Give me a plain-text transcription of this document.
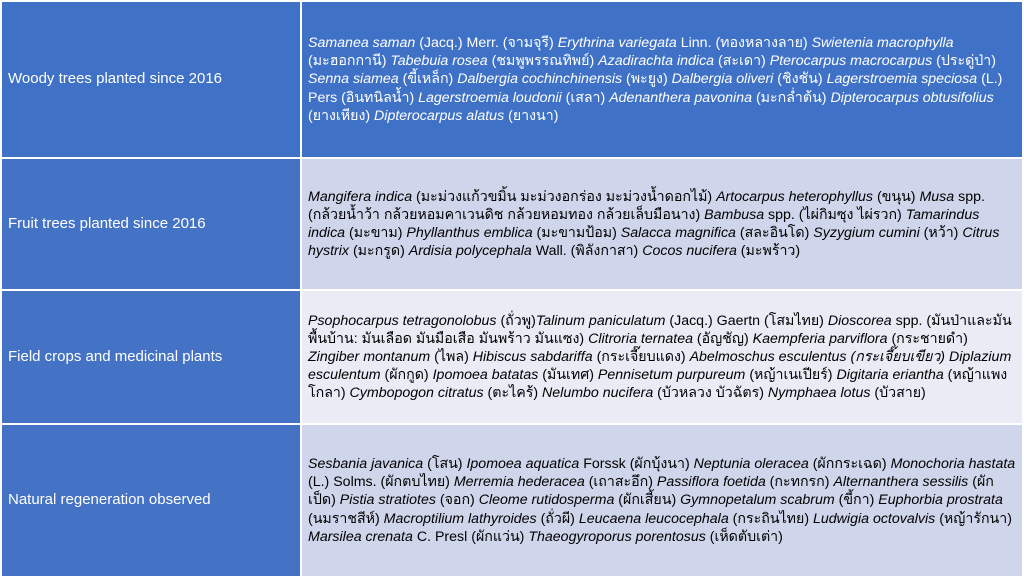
Woody trees planted since 2016	Samanea saman (Jacq.) Merr. (จามจุรี) Erythrina variegata Linn. (ทองหลางลาย) Swietenia macrophylla (มะฮอกกานี) Tabebuia rosea (ชมพูพรรณทิพย์) Azadirachta indica (สะเดา) Pterocarpus macrocarpus (ประดู่ป่า) Senna siamea (ขี้เหล็ก) Dalbergia cochinchinensis (พะยูง) Dalbergia oliveri (ชิงชัน) Lagerstroemia speciosa (L.) Pers (อินทนิลน้ำ) Lagerstroemia loudonii (เสลา) Adenanthera pavonina (มะกล่ำต้น) Dipterocarpus obtusifolius (ยางเหียง) Dipterocarpus alatus (ยางนา)
Fruit trees planted since 2016	Mangifera indica (มะม่วงแก้วขมิ้น มะม่วงอกร่อง มะม่วงน้ำดอกไม้) Artocarpus heterophyllus (ขนุน) Musa spp. (กล้วยน้ำว้า กล้วยหอมคาเวนดิช กล้วยหอมทอง กล้วยเล็บมือนาง) Bambusa spp. (ไผ่กิมซุง ไผ่รวก) Tamarindus indica (มะขาม) Phyllanthus emblica (มะขามป้อม) Salacca magnifica (สละอินโด) Syzygium cumini (หว้า) Citrus hystrix (มะกรูด) Ardisia polycephala Wall. (พิลังกาสา) Cocos nucifera (มะพร้าว)
Field crops and medicinal plants	Psophocarpus tetragonolobus (ถั่วพู)Talinum paniculatum (Jacq.) Gaertn (โสมไทย) Dioscorea spp. (มันป่าและมันพื้นบ้าน: มันเลือด มันมือเสือ มันพร้าว มันแซง) Clitroria ternatea (อัญชัญ) Kaempferia parviflora (กระชายดำ) Zingiber montanum (ไพล) Hibiscus sabdariffa (กระเจี๊ยบแดง) Abelmoschus esculentus (กระเจี๊ยบเขียว) Diplazium esculentum (ผักกูด) Ipomoea batatas (มันเทศ) Pennisetum purpureum (หญ้าเนเปียร์) Digitaria eriantha (หญ้าแพงโกลา) Cymbopogon citratus (ตะไคร้) Nelumbo nucifera (บัวหลวง บัวฉัตร) Nymphaea lotus (บัวสาย)
Natural regeneration observed	Sesbania javanica (โสน) Ipomoea aquatica Forssk (ผักบุ้งนา) Neptunia oleracea (ผักกระเฉด) Monochoria hastata (L.) Solms. (ผักตบไทย) Merremia hederacea (เถาสะอึก) Passiflora foetida (กะทกรก) Alternanthera sessilis (ผักเป็ด) Pistia stratiotes (จอก) Cleome rutidosperma (ผักเสี้ยน) Gymnopetalum scabrum (ขี้กา) Euphorbia prostrata (นมราชสีห์) Macroptilium lathyroides (ถั่วผี) Leucaena leucocephala (กระถินไทย) Ludwigia octovalvis (หญ้ารักนา) Marsilea crenata C. Presl (ผักแว่น) Thaeogyroporus porentosus (เห็ดตับเต่า)
